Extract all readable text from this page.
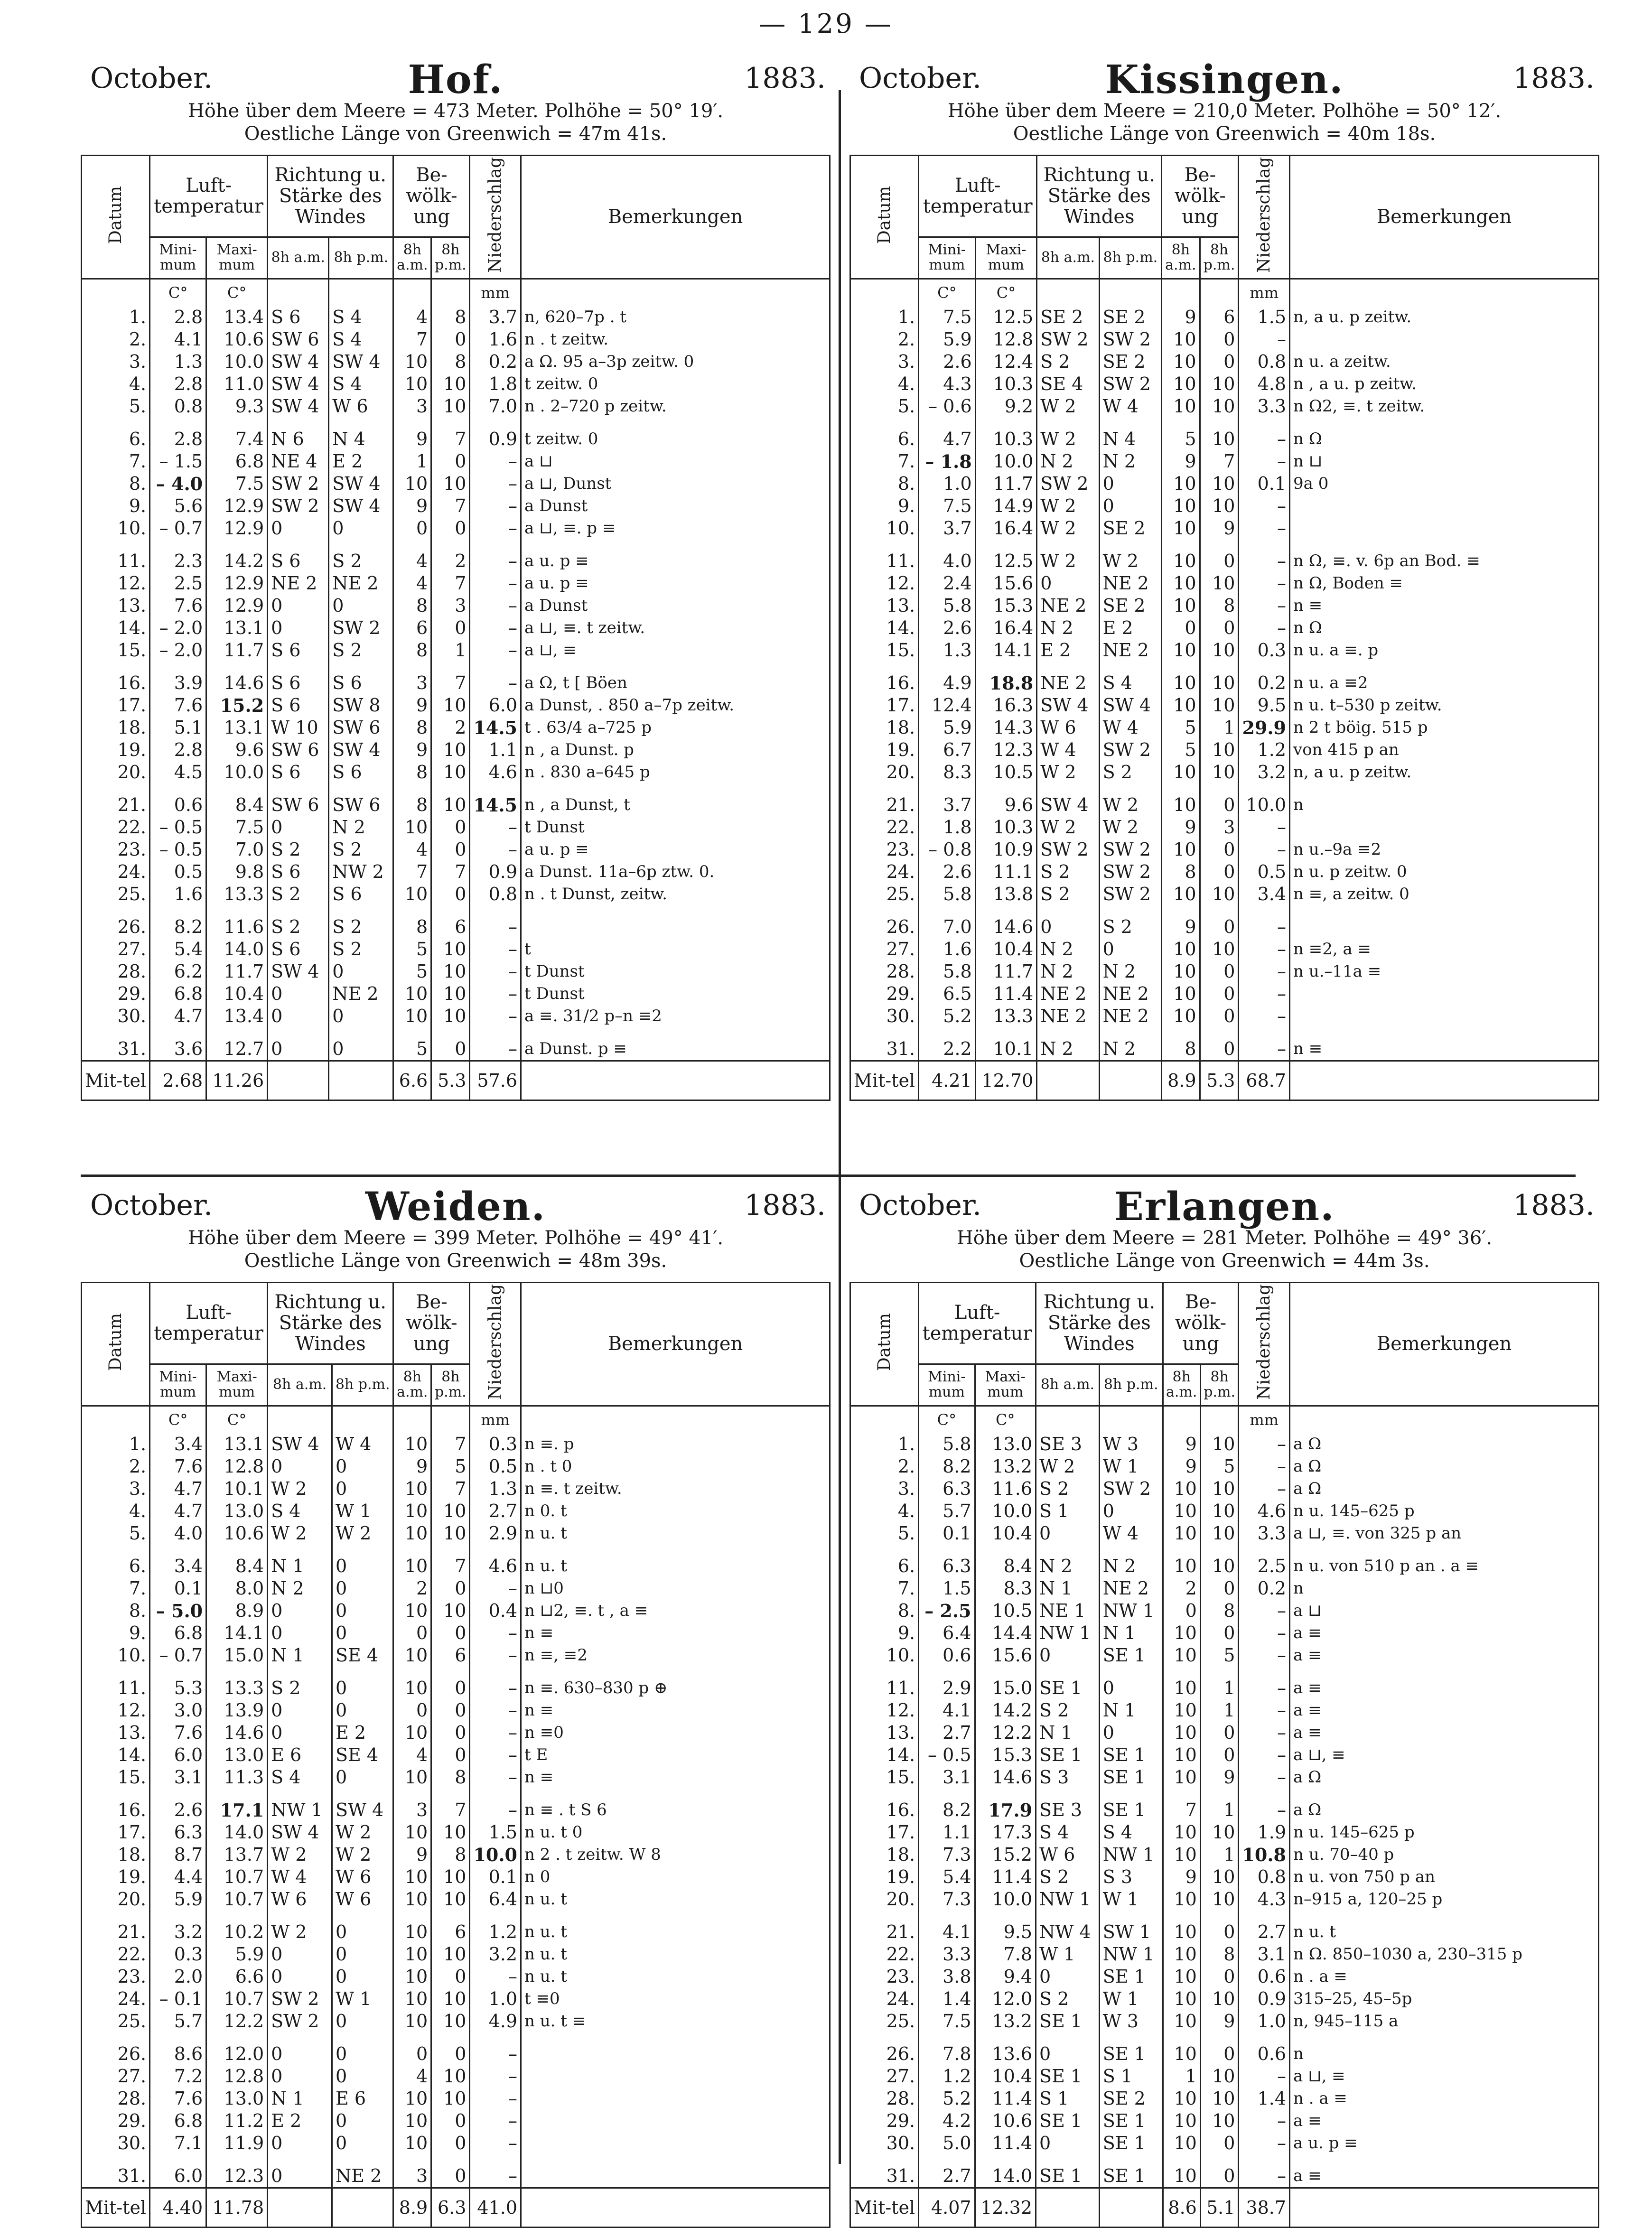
— 129 —
October.	Hof.	1883.
Höhe über dem Meere = 473 Meter. Polhöhe = 50° 19′.
Oestliche Länge von Greenwich = 47m 41s.
Datum	Luft-temperatur		Richtung u. Stärke des Windes		Be-wölk-ung		Niederschlag	Bemerkungen
	Mini-mum	Maxi-mum	8h a.m.	8h p.m.	8h a.m.	8h p.m.		
	C°	C°					mm	
1.	2.8	13.4	S 6	S 4	4	8	3.7	n, 620–7p . t
2.	4.1	10.6	SW 6	S 4	7	0	1.6	n . t zeitw.
3.	1.3	10.0	SW 4	SW 4	10	8	0.2	a Ω. 95 a–3p zeitw. 0
4.	2.8	11.0	SW 4	S 4	10	10	1.8	t zeitw. 0
5.	0.8	9.3	SW 4	W 6	3	10	7.0	n . 2–720 p zeitw.

6.	2.8	7.4	N 6	N 4	9	7	0.9	t zeitw. 0
7.	– 1.5	6.8	NE 4	E 2	1	0	–	a ⊔
8.	– 4.0	7.5	SW 2	SW 4	10	10	–	a ⊔, Dunst
9.	5.6	12.9	SW 2	SW 4	9	7	–	a Dunst
10.	– 0.7	12.9	0	0	0	0	–	a ⊔, ≡. p ≡

11.	2.3	14.2	S 6	S 2	4	2	–	a u. p ≡
12.	2.5	12.9	NE 2	NE 2	4	7	–	a u. p ≡
13.	7.6	12.9	0	0	8	3	–	a Dunst
14.	– 2.0	13.1	0	SW 2	6	0	–	a ⊔, ≡. t zeitw.
15.	– 2.0	11.7	S 6	S 2	8	1	–	a ⊔, ≡

16.	3.9	14.6	S 6	S 6	3	7	–	a Ω, t [ Böen
17.	7.6	15.2	S 6	SW 8	9	10	6.0	a Dunst, . 850 a–7p zeitw.
18.	5.1	13.1	W 10	SW 6	8	2	14.5	t . 63/4 a–725 p
19.	2.8	9.6	SW 6	SW 4	9	10	1.1	n , a Dunst. p
20.	4.5	10.0	S 6	S 6	8	10	4.6	n . 830 a–645 p

21.	0.6	8.4	SW 6	SW 6	8	10	14.5	n , a Dunst, t
22.	– 0.5	7.5	0	N 2	10	0	–	t Dunst
23.	– 0.5	7.0	S 2	S 2	4	0	–	a u. p ≡
24.	0.5	9.8	S 6	NW 2	7	7	0.9	a Dunst. 11a–6p ztw. 0.
25.	1.6	13.3	S 2	S 6	10	0	0.8	n . t Dunst, zeitw.

26.	8.2	11.6	S 2	S 2	8	6	–	
27.	5.4	14.0	S 6	S 2	5	10	–	t
28.	6.2	11.7	SW 4	0	5	10	–	t Dunst
29.	6.8	10.4	0	NE 2	10	10	–	t Dunst
30.	4.7	13.4	0	0	10	10	–	a ≡. 31/2 p–n ≡2

31.	3.6	12.7	0	0	5	0	–	a Dunst. p ≡
Mit-tel	2.68	11.26			6.6	5.3	57.6	
October.	Kissingen.	1883.
Höhe über dem Meere = 210,0 Meter. Polhöhe = 50° 12′.
Oestliche Länge von Greenwich = 40m 18s.
Datum	Luft-temperatur		Richtung u. Stärke des Windes		Be-wölk-ung		Niederschlag	Bemerkungen
	Mini-mum	Maxi-mum	8h a.m.	8h p.m.	8h a.m.	8h p.m.		
	C°	C°					mm	
1.	7.5	12.5	SE 2	SE 2	9	6	1.5	n, a u. p zeitw.
2.	5.9	12.8	SW 2	SW 2	10	0	–	
3.	2.6	12.4	S 2	SE 2	10	0	0.8	n u. a zeitw.
4.	4.3	10.3	SE 4	SW 2	10	10	4.8	n , a u. p zeitw.
5.	– 0.6	9.2	W 2	W 4	10	10	3.3	n Ω2, ≡. t zeitw.

6.	4.7	10.3	W 2	N 4	5	10	–	n Ω
7.	– 1.8	10.0	N 2	N 2	9	7	–	n ⊔
8.	1.0	11.7	SW 2	0	10	10	0.1	9a 0
9.	7.5	14.9	W 2	0	10	10	–	
10.	3.7	16.4	W 2	SE 2	10	9	–	

11.	4.0	12.5	W 2	W 2	10	0	–	n Ω, ≡. v. 6p an Bod. ≡
12.	2.4	15.6	0	NE 2	10	10	–	n Ω, Boden ≡
13.	5.8	15.3	NE 2	SE 2	10	8	–	n ≡
14.	2.6	16.4	N 2	E 2	0	0	–	n Ω
15.	1.3	14.1	E 2	NE 2	10	10	0.3	n u. a ≡. p

16.	4.9	18.8	NE 2	S 4	10	10	0.2	n u. a ≡2
17.	12.4	16.3	SW 4	SW 4	10	10	9.5	n u. t–530 p zeitw.
18.	5.9	14.3	W 6	W 4	5	1	29.9	n 2 t böig. 515 p
19.	6.7	12.3	W 4	SW 2	5	10	1.2	von 415 p an
20.	8.3	10.5	W 2	S 2	10	10	3.2	n, a u. p zeitw.

21.	3.7	9.6	SW 4	W 2	10	0	10.0	n
22.	1.8	10.3	W 2	W 2	9	3	–	
23.	– 0.8	10.9	SW 2	SW 2	10	0	–	n u.–9a ≡2
24.	2.6	11.1	S 2	SW 2	8	0	0.5	n u. p zeitw. 0
25.	5.8	13.8	S 2	SW 2	10	10	3.4	n ≡, a zeitw. 0

26.	7.0	14.6	0	S 2	9	0	–	
27.	1.6	10.4	N 2	0	10	10	–	n ≡2, a ≡
28.	5.8	11.7	N 2	N 2	10	0	–	n u.–11a ≡
29.	6.5	11.4	NE 2	NE 2	10	0	–	
30.	5.2	13.3	NE 2	NE 2	10	0	–	

31.	2.2	10.1	N 2	N 2	8	0	–	n ≡
Mit-tel	4.21	12.70			8.9	5.3	68.7	
October.	Weiden.	1883.
Höhe über dem Meere = 399 Meter. Polhöhe = 49° 41′.
Oestliche Länge von Greenwich = 48m 39s.
Datum	Luft-temperatur		Richtung u. Stärke des Windes		Be-wölk-ung		Niederschlag	Bemerkungen
	Mini-mum	Maxi-mum	8h a.m.	8h p.m.	8h a.m.	8h p.m.		
	C°	C°					mm	
1.	3.4	13.1	SW 4	W 4	10	7	0.3	n ≡. p
2.	7.6	12.8	0	0	9	5	0.5	n . t 0
3.	4.7	10.1	W 2	0	10	7	1.3	n ≡. t zeitw.
4.	4.7	13.0	S 4	W 1	10	10	2.7	n 0. t
5.	4.0	10.6	W 2	W 2	10	10	2.9	n u. t

6.	3.4	8.4	N 1	0	10	7	4.6	n u. t
7.	0.1	8.0	N 2	0	2	0	–	n ⊔0
8.	– 5.0	8.9	0	0	10	10	0.4	n ⊔2, ≡. t , a ≡
9.	6.8	14.1	0	0	0	0	–	n ≡
10.	– 0.7	15.0	N 1	SE 4	10	6	–	n ≡, ≡2

11.	5.3	13.3	S 2	0	10	0	–	n ≡. 630–830 p ⊕
12.	3.0	13.9	0	0	0	0	–	n ≡
13.	7.6	14.6	0	E 2	10	0	–	n ≡0
14.	6.0	13.0	E 6	SE 4	4	0	–	t E
15.	3.1	11.3	S 4	0	10	8	–	n ≡

16.	2.6	17.1	NW 1	SW 4	3	7	–	n ≡ . t S 6
17.	6.3	14.0	SW 4	W 2	10	10	1.5	n u. t 0
18.	8.7	13.7	W 2	W 2	9	8	10.0	n 2 . t zeitw. W 8
19.	4.4	10.7	W 4	W 6	10	10	0.1	n 0
20.	5.9	10.7	W 6	W 6	10	10	6.4	n u. t

21.	3.2	10.2	W 2	0	10	6	1.2	n u. t
22.	0.3	5.9	0	0	10	10	3.2	n u. t
23.	2.0	6.6	0	0	10	0	–	n u. t
24.	– 0.1	10.7	SW 2	W 1	10	10	1.0	t ≡0
25.	5.7	12.2	SW 2	0	10	10	4.9	n u. t ≡

26.	8.6	12.0	0	0	0	0	–	
27.	7.2	12.8	0	0	4	10	–	
28.	7.6	13.0	N 1	E 6	10	10	–	
29.	6.8	11.2	E 2	0	10	0	–	
30.	7.1	11.9	0	0	10	0	–	

31.	6.0	12.3	0	NE 2	3	0	–	
Mit-tel	4.40	11.78			8.9	6.3	41.0	
October.	Erlangen.	1883.
Höhe über dem Meere = 281 Meter. Polhöhe = 49° 36′.
Oestliche Länge von Greenwich = 44m 3s.
Datum	Luft-temperatur		Richtung u. Stärke des Windes		Be-wölk-ung		Niederschlag	Bemerkungen
	Mini-mum	Maxi-mum	8h a.m.	8h p.m.	8h a.m.	8h p.m.		
	C°	C°					mm	
1.	5.8	13.0	SE 3	W 3	9	10	–	a Ω
2.	8.2	13.2	W 2	W 1	9	5	–	a Ω
3.	6.3	11.6	S 2	SW 2	10	10	–	a Ω
4.	5.7	10.0	S 1	0	10	10	4.6	n u. 145–625 p
5.	0.1	10.4	0	W 4	10	10	3.3	a ⊔, ≡. von 325 p an

6.	6.3	8.4	N 2	N 2	10	10	2.5	n u. von 510 p an . a ≡
7.	1.5	8.3	N 1	NE 2	2	0	0.2	n
8.	– 2.5	10.5	NE 1	NW 1	0	8	–	a ⊔
9.	6.4	14.4	NW 1	N 1	10	0	–	a ≡
10.	0.6	15.6	0	SE 1	10	5	–	a ≡

11.	2.9	15.0	SE 1	0	10	1	–	a ≡
12.	4.1	14.2	S 2	N 1	10	1	–	a ≡
13.	2.7	12.2	N 1	0	10	0	–	a ≡
14.	– 0.5	15.3	SE 1	SE 1	10	0	–	a ⊔, ≡
15.	3.1	14.6	S 3	SE 1	10	9	–	a Ω

16.	8.2	17.9	SE 3	SE 1	7	1	–	a Ω
17.	1.1	17.3	S 4	S 4	10	10	1.9	n u. 145–625 p
18.	7.3	15.2	W 6	NW 1	10	1	10.8	n u. 70–40 p
19.	5.4	11.4	S 2	S 3	9	10	0.8	n u. von 750 p an
20.	7.3	10.0	NW 1	W 1	10	10	4.3	n–915 a, 120–25 p

21.	4.1	9.5	NW 4	SW 1	10	0	2.7	n u. t
22.	3.3	7.8	W 1	NW 1	10	8	3.1	n Ω. 850–1030 a, 230–315 p
23.	3.8	9.4	0	SE 1	10	0	0.6	n . a ≡
24.	1.4	12.0	S 2	W 1	10	10	0.9	315–25, 45–5p
25.	7.5	13.2	SE 1	W 3	10	9	1.0	n, 945–115 a

26.	7.8	13.6	0	SE 1	10	0	0.6	n
27.	1.2	10.4	SE 1	S 1	1	10	–	a ⊔, ≡
28.	5.2	11.4	S 1	SE 2	10	10	1.4	n . a ≡
29.	4.2	10.6	SE 1	SE 1	10	10	–	a ≡
30.	5.0	11.4	0	SE 1	10	0	–	a u. p ≡

31.	2.7	14.0	SE 1	SE 1	10	0	–	a ≡
Mit-tel	4.07	12.32			8.6	5.1	38.7	
